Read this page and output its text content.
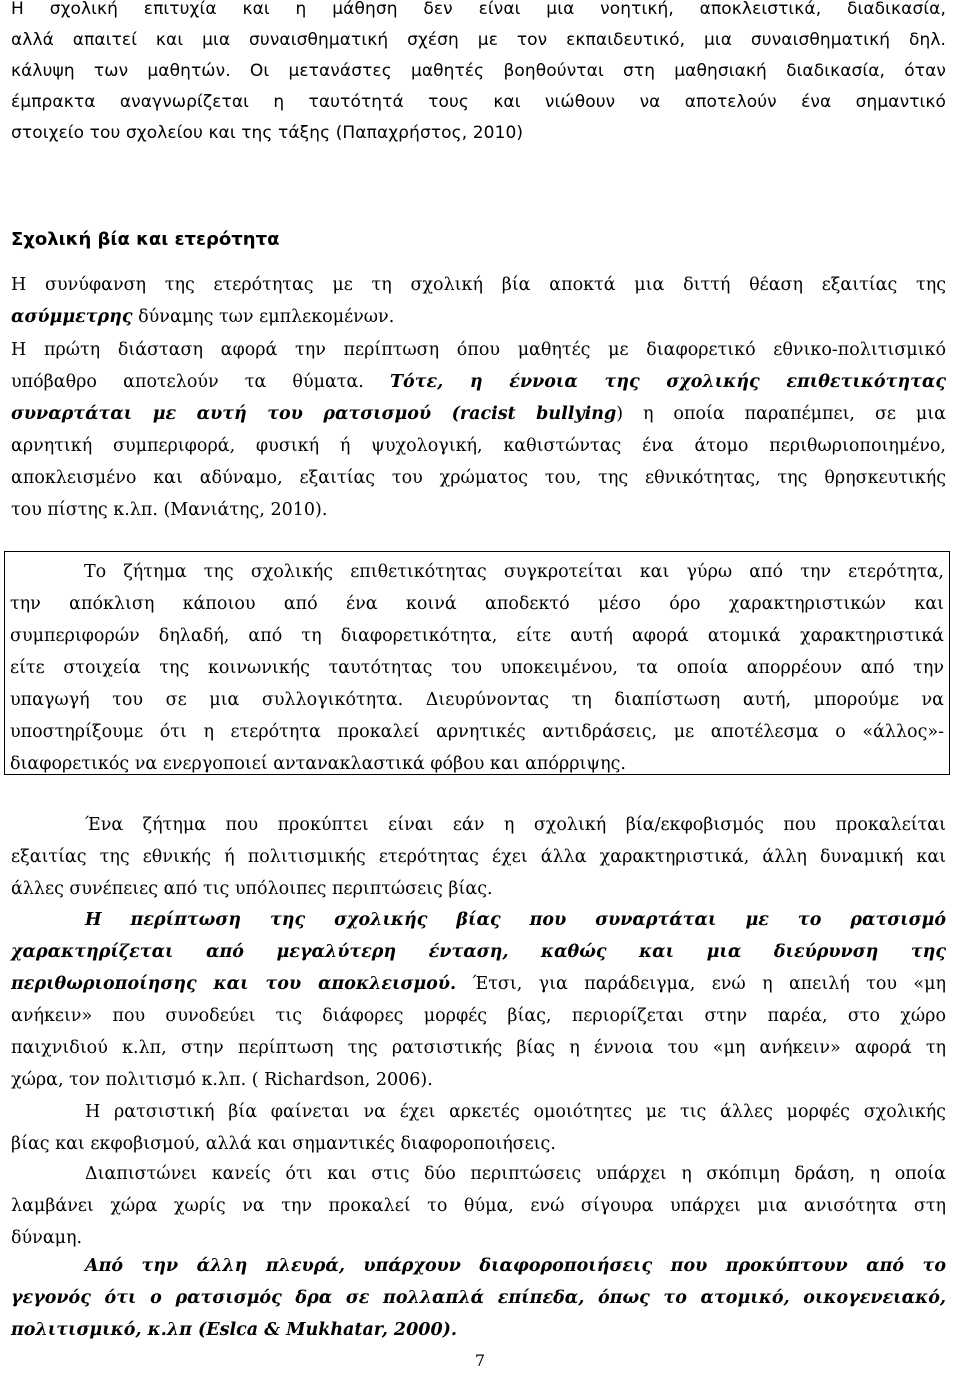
Η σχολική επιτυχία και η μάθηση δεν είναι μια νοητική, αποκλειστικά, διαδικασία,
αλλά απαιτεί και μια συναισθηματική σχέση με τον εκπαιδευτικό, μια συναισθηματική δηλ.
κάλυψη των μαθητών. Οι μετανάστες μαθητές βοηθούνται στη μαθησιακή διαδικασία, όταν
έμπρακτα αναγνωρίζεται η ταυτότητά τους και νιώθουν να αποτελούν ένα σημαντικό
στοιχείο του σχολείου και της τάξης (Παπαχρήστος, 2010)
Σχολική βία και ετερότητα
Η συνύφανση της ετερότητας με τη σχολική βία αποκτά μια διττή θέαση εξαιτίας της
ασύμμετρης δύναμης των εμπλεκομένων.
Η πρώτη διάσταση αφορά την περίπτωση όπου μαθητές με διαφορετικό εθνικο-πολιτισμικό
υπόβαθρο αποτελούν τα θύματα. Τότε, η έννοια της σχολικής επιθετικότητας
συναρτάται με αυτή του ρατσισμού (racist bullying) η οποία παραπέμπει, σε μια
αρνητική συμπεριφορά, φυσική ή ψυχολογική, καθιστώντας ένα άτομο περιθωριοποιημένο,
αποκλεισμένο και αδύναμο, εξαιτίας του χρώματος του, της εθνικότητας, της θρησκευτικής
του πίστης κ.λπ. (Μανιάτης, 2010).
Το ζήτημα της σχολικής επιθετικότητας συγκροτείται και γύρω από την ετερότητα,
την απόκλιση κάποιου από ένα κοινά αποδεκτό μέσο όρο χαρακτηριστικών και
συμπεριφορών δηλαδή, από τη διαφορετικότητα, είτε αυτή αφορά ατομικά χαρακτηριστικά
είτε στοιχεία της κοινωνικής ταυτότητας του υποκειμένου, τα οποία απορρέουν από την
υπαγωγή του σε μια συλλογικότητα. Διευρύνοντας τη διαπίστωση αυτή, μπορούμε να
υποστηρίξουμε ότι η ετερότητα προκαλεί αρνητικές αντιδράσεις, με αποτέλεσμα ο «άλλος»-
διαφορετικός να ενεργοποιεί αντανακλαστικά φόβου και απόρριψης.
Ένα ζήτημα που προκύπτει είναι εάν η σχολική βία/εκφοβισμός που προκαλείται
εξαιτίας της εθνικής ή πολιτισμικής ετερότητας έχει άλλα χαρακτηριστικά, άλλη δυναμική και
άλλες συνέπειες από τις υπόλοιπες περιπτώσεις βίας.
Η περίπτωση της σχολικής βίας που συναρτάται με το ρατσισμό
χαρακτηρίζεται από μεγαλύτερη ένταση, καθώς και μια διεύρυνση της
περιθωριοποίησης και του αποκλεισμού. Έτσι, για παράδειγμα, ενώ η απειλή του «μη
ανήκειν» που συνοδεύει τις διάφορες μορφές βίας, περιορίζεται στην παρέα, στο χώρο
παιχνιδιού κ.λπ, στην περίπτωση της ρατσιστικής βίας η έννοια του «μη ανήκειν» αφορά τη
χώρα, τον πολιτισμό κ.λπ. ( Richardson, 2006).
Η ρατσιστική βία φαίνεται να έχει αρκετές ομοιότητες με τις άλλες μορφές σχολικής
βίας και εκφοβισμού, αλλά και σημαντικές διαφοροποιήσεις.
Διαπιστώνει κανείς ότι και στις δύο περιπτώσεις υπάρχει η σκόπιμη δράση, η οποία
λαμβάνει χώρα χωρίς να την προκαλεί το θύμα, ενώ σίγουρα υπάρχει μια ανισότητα στη
δύναμη.
Από την άλλη πλευρά, υπάρχουν διαφοροποιήσεις που προκύπτουν από το
γεγονός ότι ο ρατσισμός δρα σε πολλαπλά επίπεδα, όπως το ατομικό, οικογενειακό,
πολιτισμικό, κ.λπ (Eslca & Mukhatar, 2000).
7
